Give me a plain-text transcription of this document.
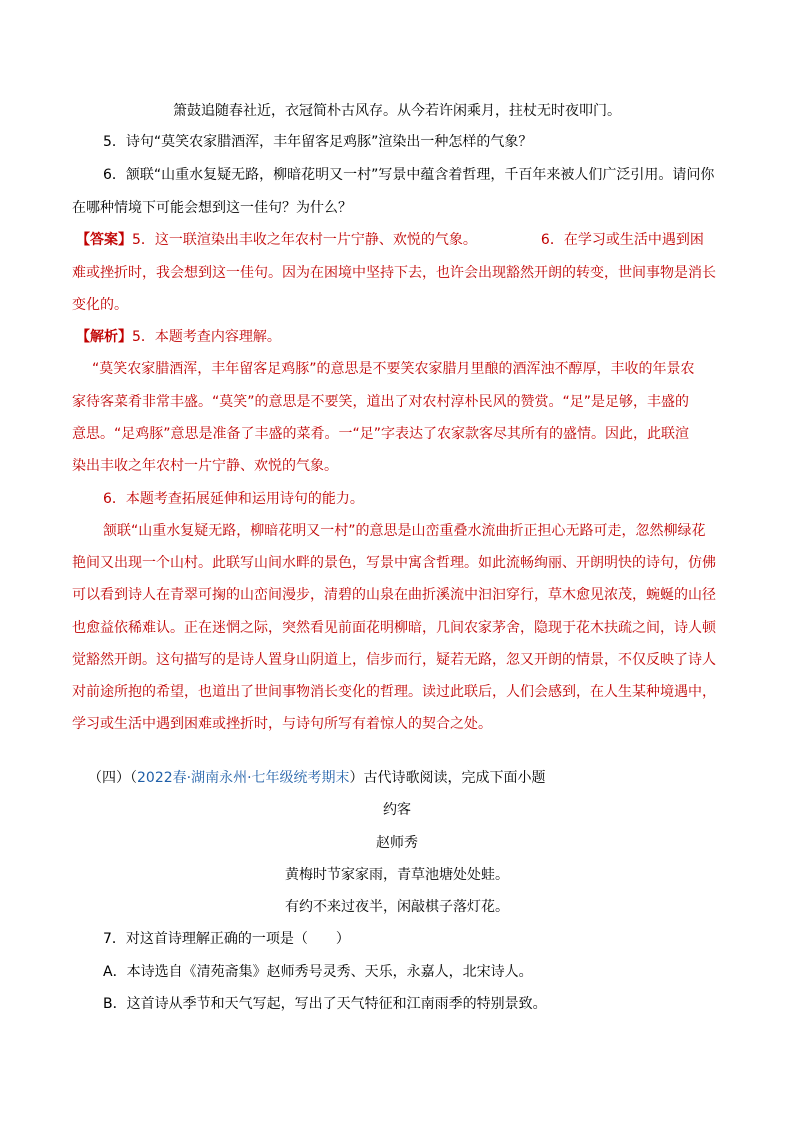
箫鼓追随春社近，衣冠简朴古风存。从今若许闲乘月，拄杖无时夜叩门。
5．诗句“莫笑农家腊酒浑，丰年留客足鸡豚”渲染出一种怎样的气象？
6．颔联“山重水复疑无路，柳暗花明又一村”写景中蕴含着哲理，千百年来被人们广泛引用。请问你
在哪种情境下可能会想到这一佳句？为什么？
【答案】5．这一联渲染出丰收之年农村一片宁静、欢悦的气象。	6．在学习或生活中遇到困
难或挫折时，我会想到这一佳句。因为在困境中坚持下去，也许会出现豁然开朗的转变，世间事物是消长
变化的。
【解析】5．本题考查内容理解。
“莫笑农家腊酒浑，丰年留客足鸡豚”的意思是不要笑农家腊月里酿的酒浑浊不醇厚，丰收的年景农
家待客菜肴非常丰盛。“莫笑”的意思是不要笑，道出了对农村淳朴民风的赞赏。“足”是足够，丰盛的
意思。“足鸡豚”意思是准备了丰盛的菜肴。一“足”字表达了农家款客尽其所有的盛情。因此，此联渲
染出丰收之年农村一片宁静、欢悦的气象。
6．本题考查拓展延伸和运用诗句的能力。
颔联“山重水复疑无路，柳暗花明又一村”的意思是山峦重叠水流曲折正担心无路可走，忽然柳绿花
艳间又出现一个山村。此联写山间水畔的景色，写景中寓含哲理。如此流畅绚丽、开朗明快的诗句，仿佛
可以看到诗人在青翠可掬的山峦间漫步，清碧的山泉在曲折溪流中汩汩穿行，草木愈见浓茂，蜿蜒的山径
也愈益依稀难认。正在迷惘之际，突然看见前面花明柳暗，几间农家茅舍，隐现于花木扶疏之间，诗人顿
觉豁然开朗。这句描写的是诗人置身山阴道上，信步而行，疑若无路，忽又开朗的情景，不仅反映了诗人
对前途所抱的希望，也道出了世间事物消长变化的哲理。读过此联后，人们会感到，在人生某种境遇中，
学习或生活中遇到困难或挫折时，与诗句所写有着惊人的契合之处。
（四）（2022春·湖南永州·七年级统考期末）古代诗歌阅读，完成下面小题
约客
赵师秀
黄梅时节家家雨，青草池塘处处蛙。
有约不来过夜半，闲敲棋子落灯花。
7．对这首诗理解正确的一项是（　　）
A．本诗选自《清苑斋集》赵师秀号灵秀、天乐，永嘉人，北宋诗人。
B．这首诗从季节和天气写起，写出了天气特征和江南雨季的特别景致。
